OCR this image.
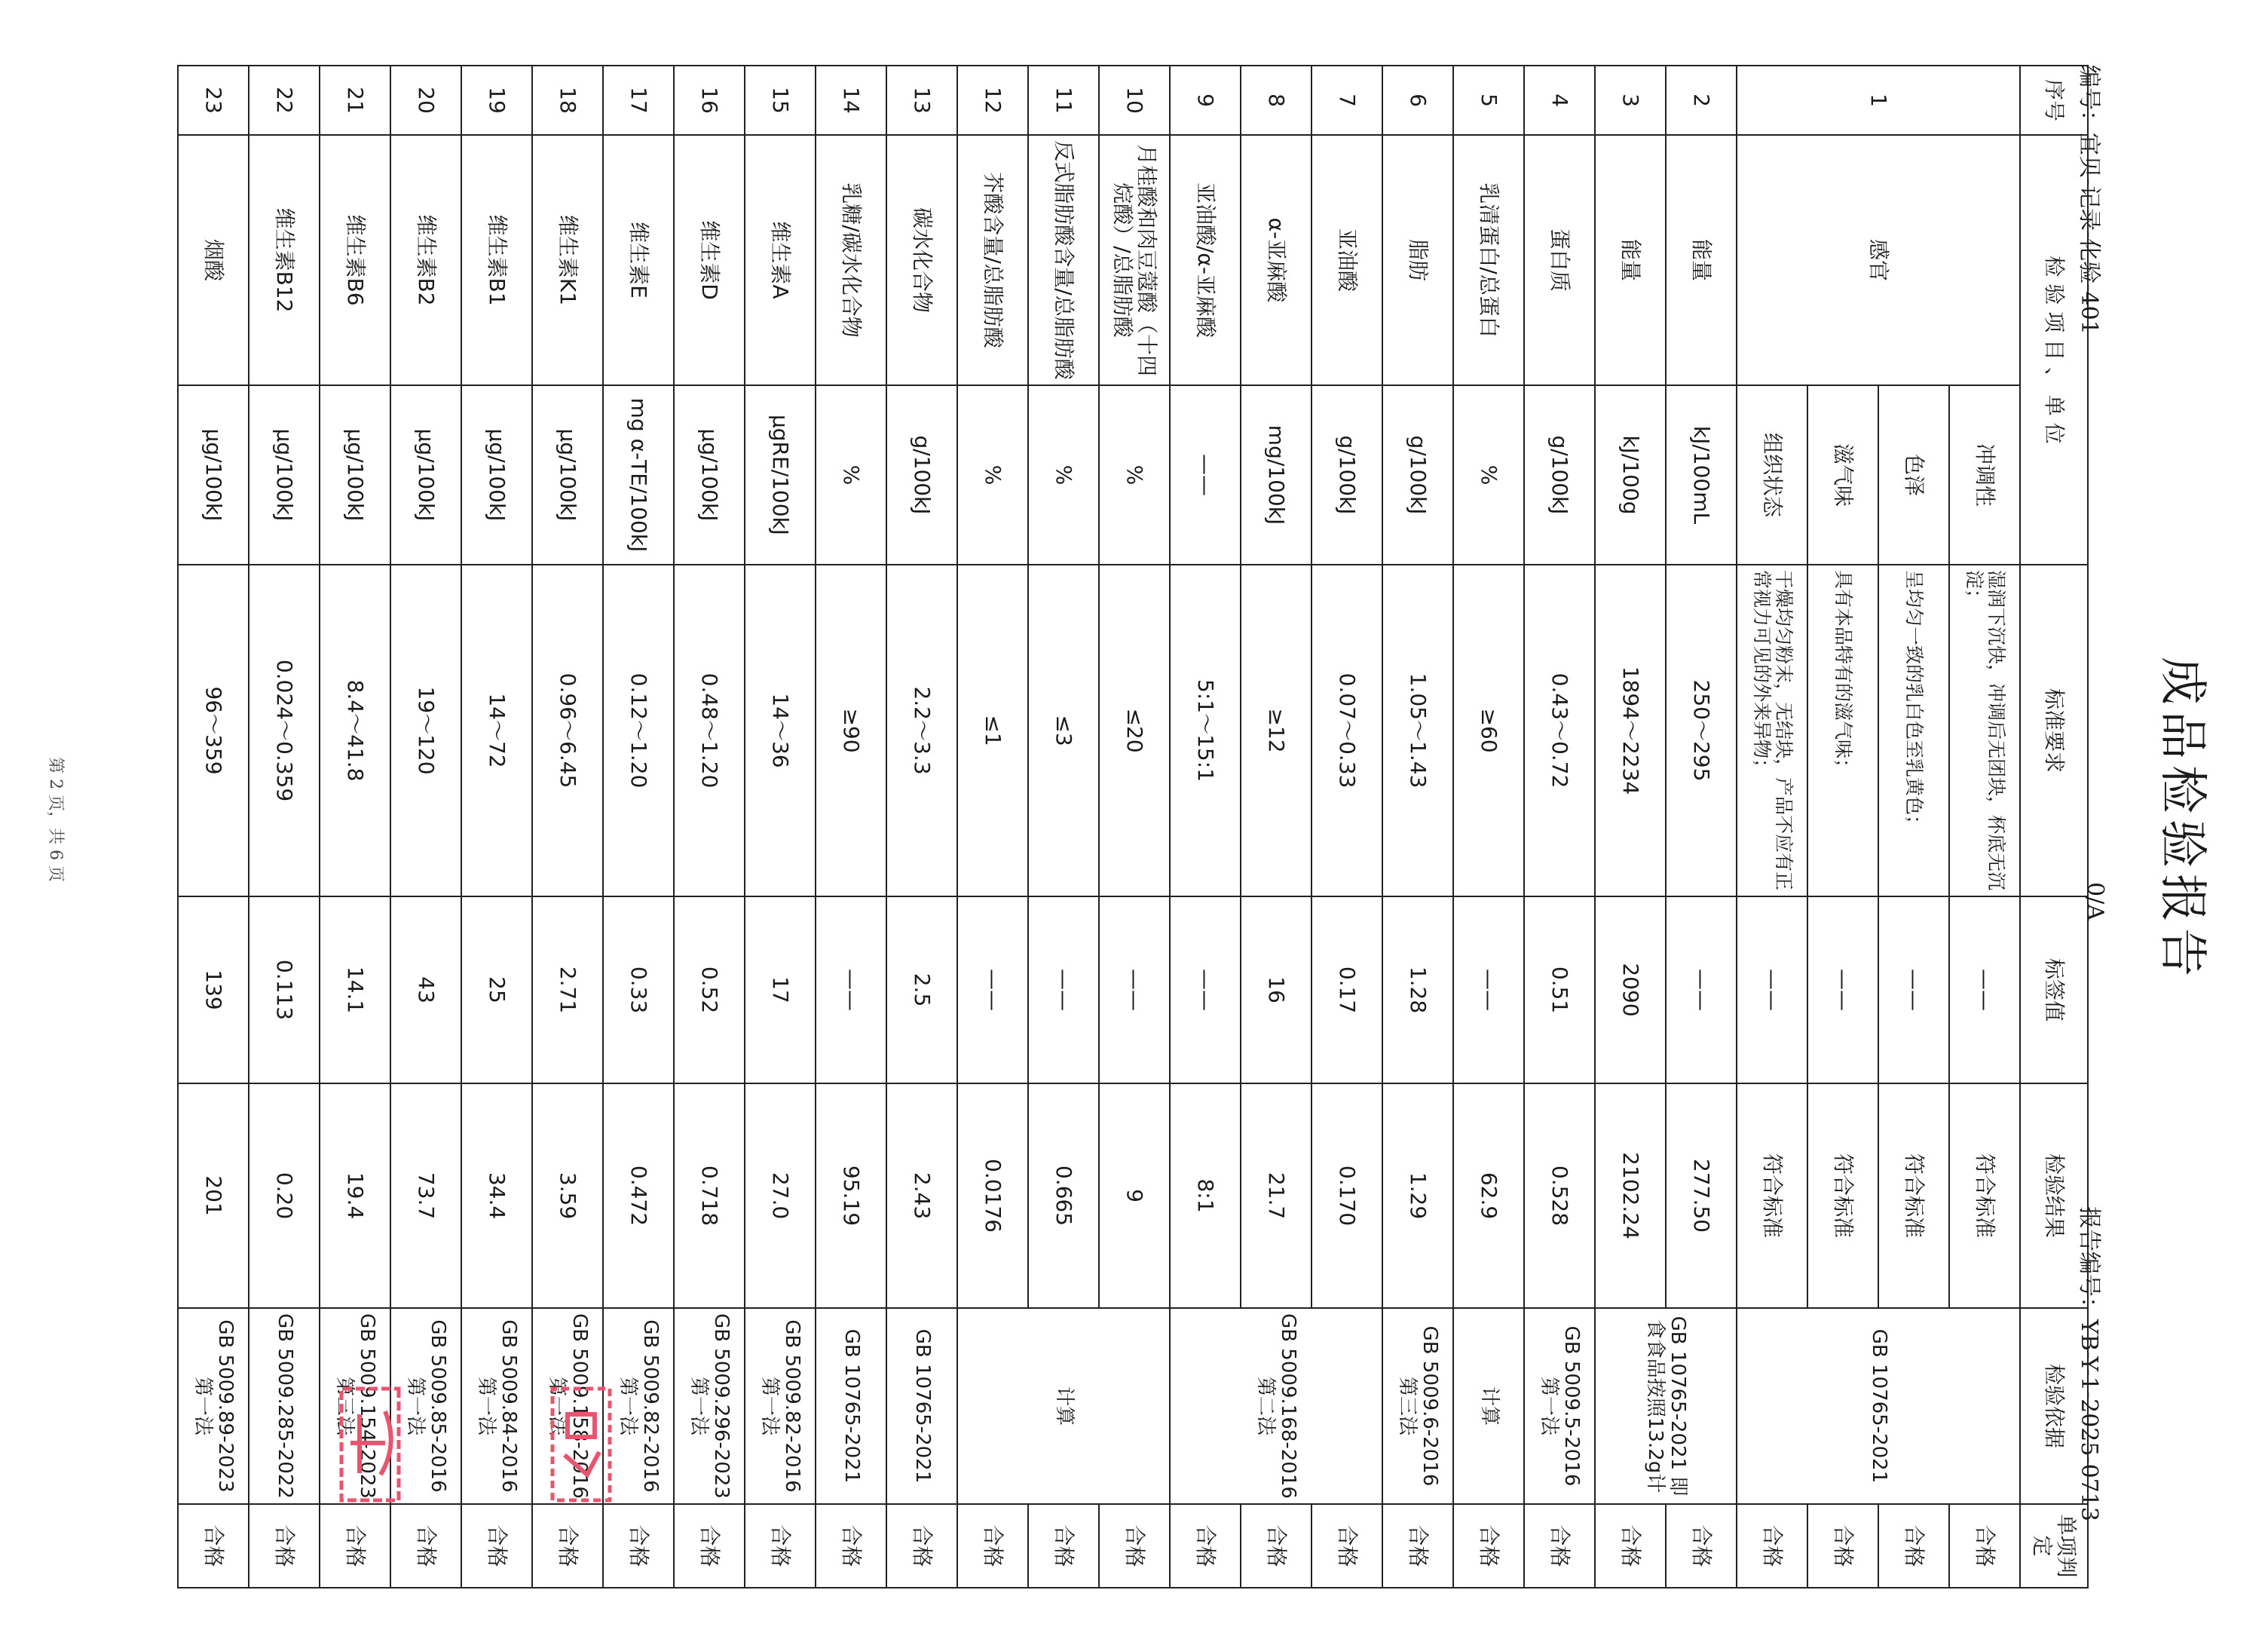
成品检验报告
编号：宜贝-记录-化验-401
0/A
报告编号：YB-Y-1-2025-0713
序号	检 验 项 目 、 单 位		标准要求	标签值	检验结果	检验依据	单项判定
1	感官	冲调性	湿润下沉快，冲调后无团块，杯底无沉淀；	——	符合标准	GB 10765-2021	合格
		色泽	呈均匀一致的乳白色至乳黄色；	——	符合标准		合格
		滋气味	具有本品特有的滋气味；	——	符合标准		合格
		组织状态	干燥均匀粉末，无结块，产品不应有正常视力可见的外来异物；	——	符合标准		合格
2	能量	kJ/100mL	250～295	——	277.50	GB 10765-2021 即食食品按照13.2g计	合格
3	能量	kJ/100g	1894～2234	2090	2102.24		合格
4	蛋白质	g/100kJ	0.43～0.72	0.51	0.528	GB 5009.5-2016 第一法	合格
5	乳清蛋白/总蛋白	%	≥60	——	62.9	计算	合格
6	脂肪	g/100kJ	1.05～1.43	1.28	1.29	GB 5009.6-2016 第三法	合格
7	亚油酸	g/100kJ	0.07～0.33	0.17	0.170	GB 5009.168-2016 第二法	合格
8	α-亚麻酸	mg/100kJ	≥12	16	21.7		合格
9	亚油酸/α-亚麻酸	——	5:1～15:1	——	8:1		合格
10	月桂酸和肉豆蔻酸（十四烷酸）/总脂肪酸	%	≤20	——	9	计算	合格
11	反式脂肪酸含量/总脂肪酸	%	≤3	——	0.665		合格
12	芥酸含量/总脂肪酸	%	≤1	——	0.0176		合格
13	碳水化合物	g/100kJ	2.2～3.3	2.5	2.43	GB 10765-2021	合格
14	乳糖/碳水化合物	%	≥90	——	95.19	GB 10765-2021	合格
15	维生素A	μgRE/100kJ	14～36	17	27.0	GB 5009.82-2016 第一法	合格
16	维生素D	μg/100kJ	0.48～1.20	0.52	0.718	GB 5009.296-2023 第一法	合格
17	维生素E	mg α-TE/100kJ	0.12～1.20	0.33	0.472	GB 5009.82-2016 第一法	合格
18	维生素K1	μg/100kJ	0.96～6.45	2.71	3.59	GB 5009.158-2016 第一法	合格
19	维生素B1	μg/100kJ	14～72	25	34.4	GB 5009.84-2016 第一法	合格
20	维生素B2	μg/100kJ	19～120	43	73.7	GB 5009.85-2016 第一法	合格
21	维生素B6	μg/100kJ	8.4～41.8	14.1	19.4	GB 5009.154-2023 第三法	合格
22	维生素B12	μg/100kJ	0.024～0.359	0.113	0.20	GB 5009.285-2022	合格
23	烟酸	μg/100kJ	96～359	139	201	GB 5009.89-2023 第一法	合格
第 2 页，共 6 页
